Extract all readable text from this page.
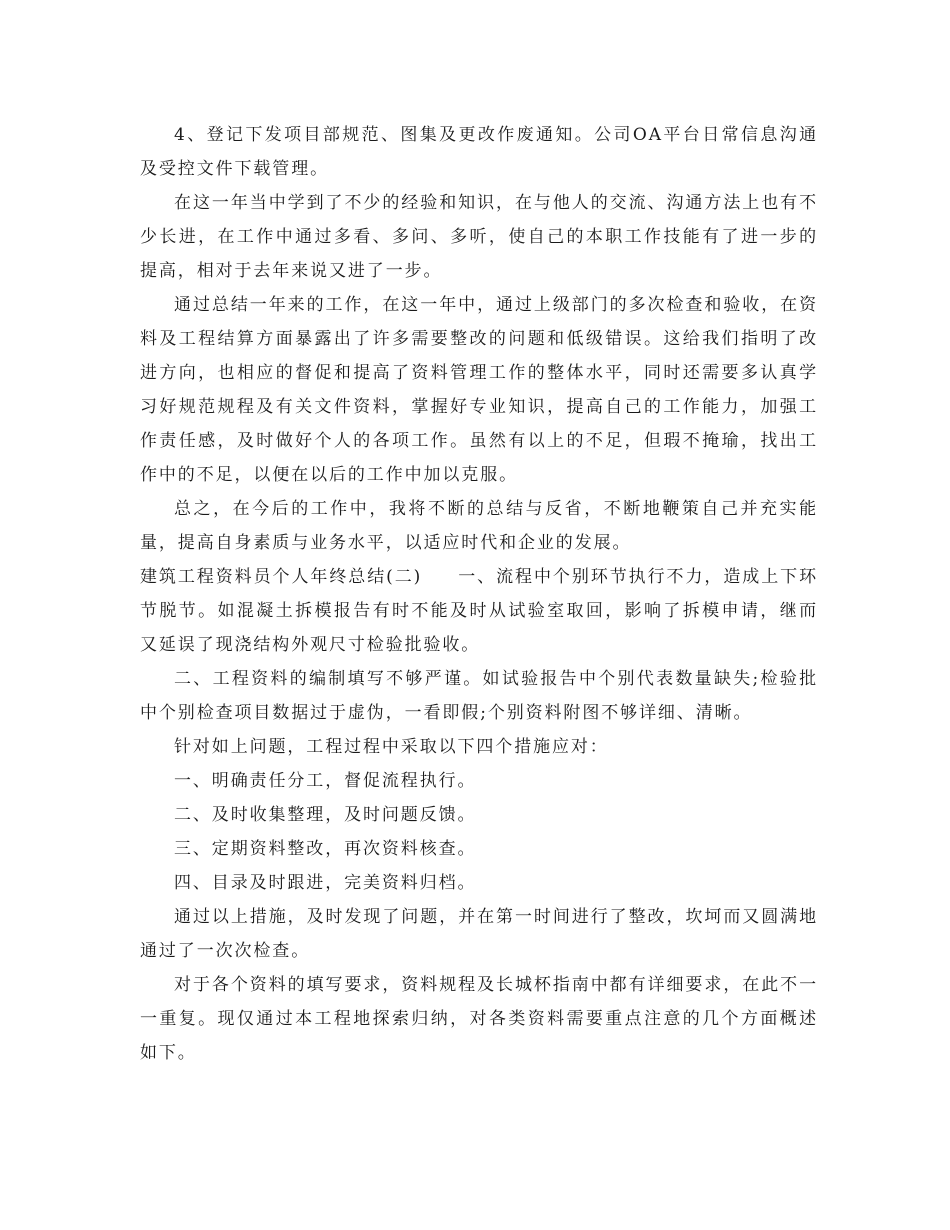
4、登记下发项目部规范、图集及更改作废通知。公司OA平台日常信息沟通及受控文件下载管理。

在这一年当中学到了不少的经验和知识，在与他人的交流、沟通方法上也有不少长进，在工作中通过多看、多问、多听，使自己的本职工作技能有了进一步的提高，相对于去年来说又进了一步。

通过总结一年来的工作，在这一年中，通过上级部门的多次检查和验收，在资料及工程结算方面暴露出了许多需要整改的问题和低级错误。这给我们指明了改进方向，也相应的督促和提高了资料管理工作的整体水平，同时还需要多认真学习好规范规程及有关文件资料，掌握好专业知识，提高自己的工作能力，加强工作责任感，及时做好个人的各项工作。虽然有以上的不足，但瑕不掩瑜，找出工作中的不足，以便在以后的工作中加以克服。

总之，在今后的工作中，我将不断的总结与反省，不断地鞭策自己并充实能量，提高自身素质与业务水平，以适应时代和企业的发展。

建筑工程资料员个人年终总结(二) 一、流程中个别环节执行不力，造成上下环节脱节。如混凝土拆模报告有时不能及时从试验室取回，影响了拆模申请，继而又延误了现浇结构外观尺寸检验批验收。

二、工程资料的编制填写不够严谨。如试验报告中个别代表数量缺失;检验批中个别检查项目数据过于虚伪，一看即假;个别资料附图不够详细、清晰。

针对如上问题，工程过程中采取以下四个措施应对：

一、明确责任分工，督促流程执行。

二、及时收集整理，及时问题反馈。

三、定期资料整改，再次资料核查。

四、目录及时跟进，完美资料归档。

通过以上措施，及时发现了问题，并在第一时间进行了整改，坎坷而又圆满地通过了一次次检查。

对于各个资料的填写要求，资料规程及长城杯指南中都有详细要求，在此不一一重复。现仅通过本工程地探索归纳，对各类资料需要重点注意的几个方面概述如下。
